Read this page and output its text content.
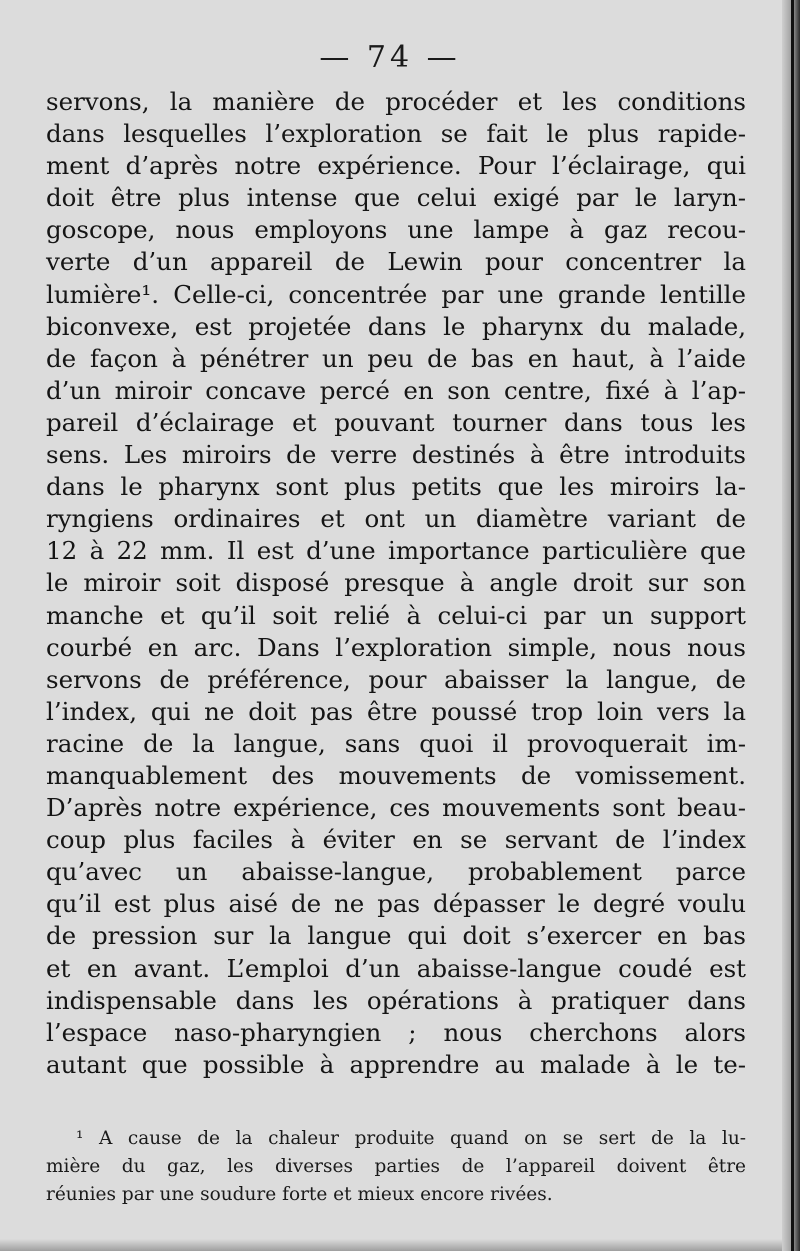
— 74 —
servons, la manière de procéder et les conditions
dans lesquelles l’exploration se fait le plus rapide-
ment d’après notre expérience. Pour l’éclairage, qui
doit être plus intense que celui exigé par le laryn-
goscope, nous employons une lampe à gaz recou-
verte d’un appareil de Lewin pour concentrer la
lumière¹. Celle-ci, concentrée par une grande lentille
biconvexe, est projetée dans le pharynx du malade,
de façon à pénétrer un peu de bas en haut, à l’aide
d’un miroir concave percé en son centre, fixé à l’ap-
pareil d’éclairage et pouvant tourner dans tous les
sens. Les miroirs de verre destinés à être introduits
dans le pharynx sont plus petits que les miroirs la-
ryngiens ordinaires et ont un diamètre variant de
12 à 22 mm. Il est d’une importance particulière que
le miroir soit disposé presque à angle droit sur son
manche et qu’il soit relié à celui-ci par un support
courbé en arc. Dans l’exploration simple, nous nous
servons de préférence, pour abaisser la langue, de
l’index, qui ne doit pas être poussé trop loin vers la
racine de la langue, sans quoi il provoquerait im-
manquablement des mouvements de vomissement.
D’après notre expérience, ces mouvements sont beau-
coup plus faciles à éviter en se servant de l’index
qu’avec un abaisse-langue, probablement parce
qu’il est plus aisé de ne pas dépasser le degré voulu
de pression sur la langue qui doit s’exercer en bas
et en avant. L’emploi d’un abaisse-langue coudé est
indispensable dans les opérations à pratiquer dans
l’espace naso-pharyngien ; nous cherchons alors
autant que possible à apprendre au malade à le te-
¹ A cause de la chaleur produite quand on se sert de la lu-
mière du gaz, les diverses parties de l’appareil doivent être
réunies par une soudure forte et mieux encore rivées.
